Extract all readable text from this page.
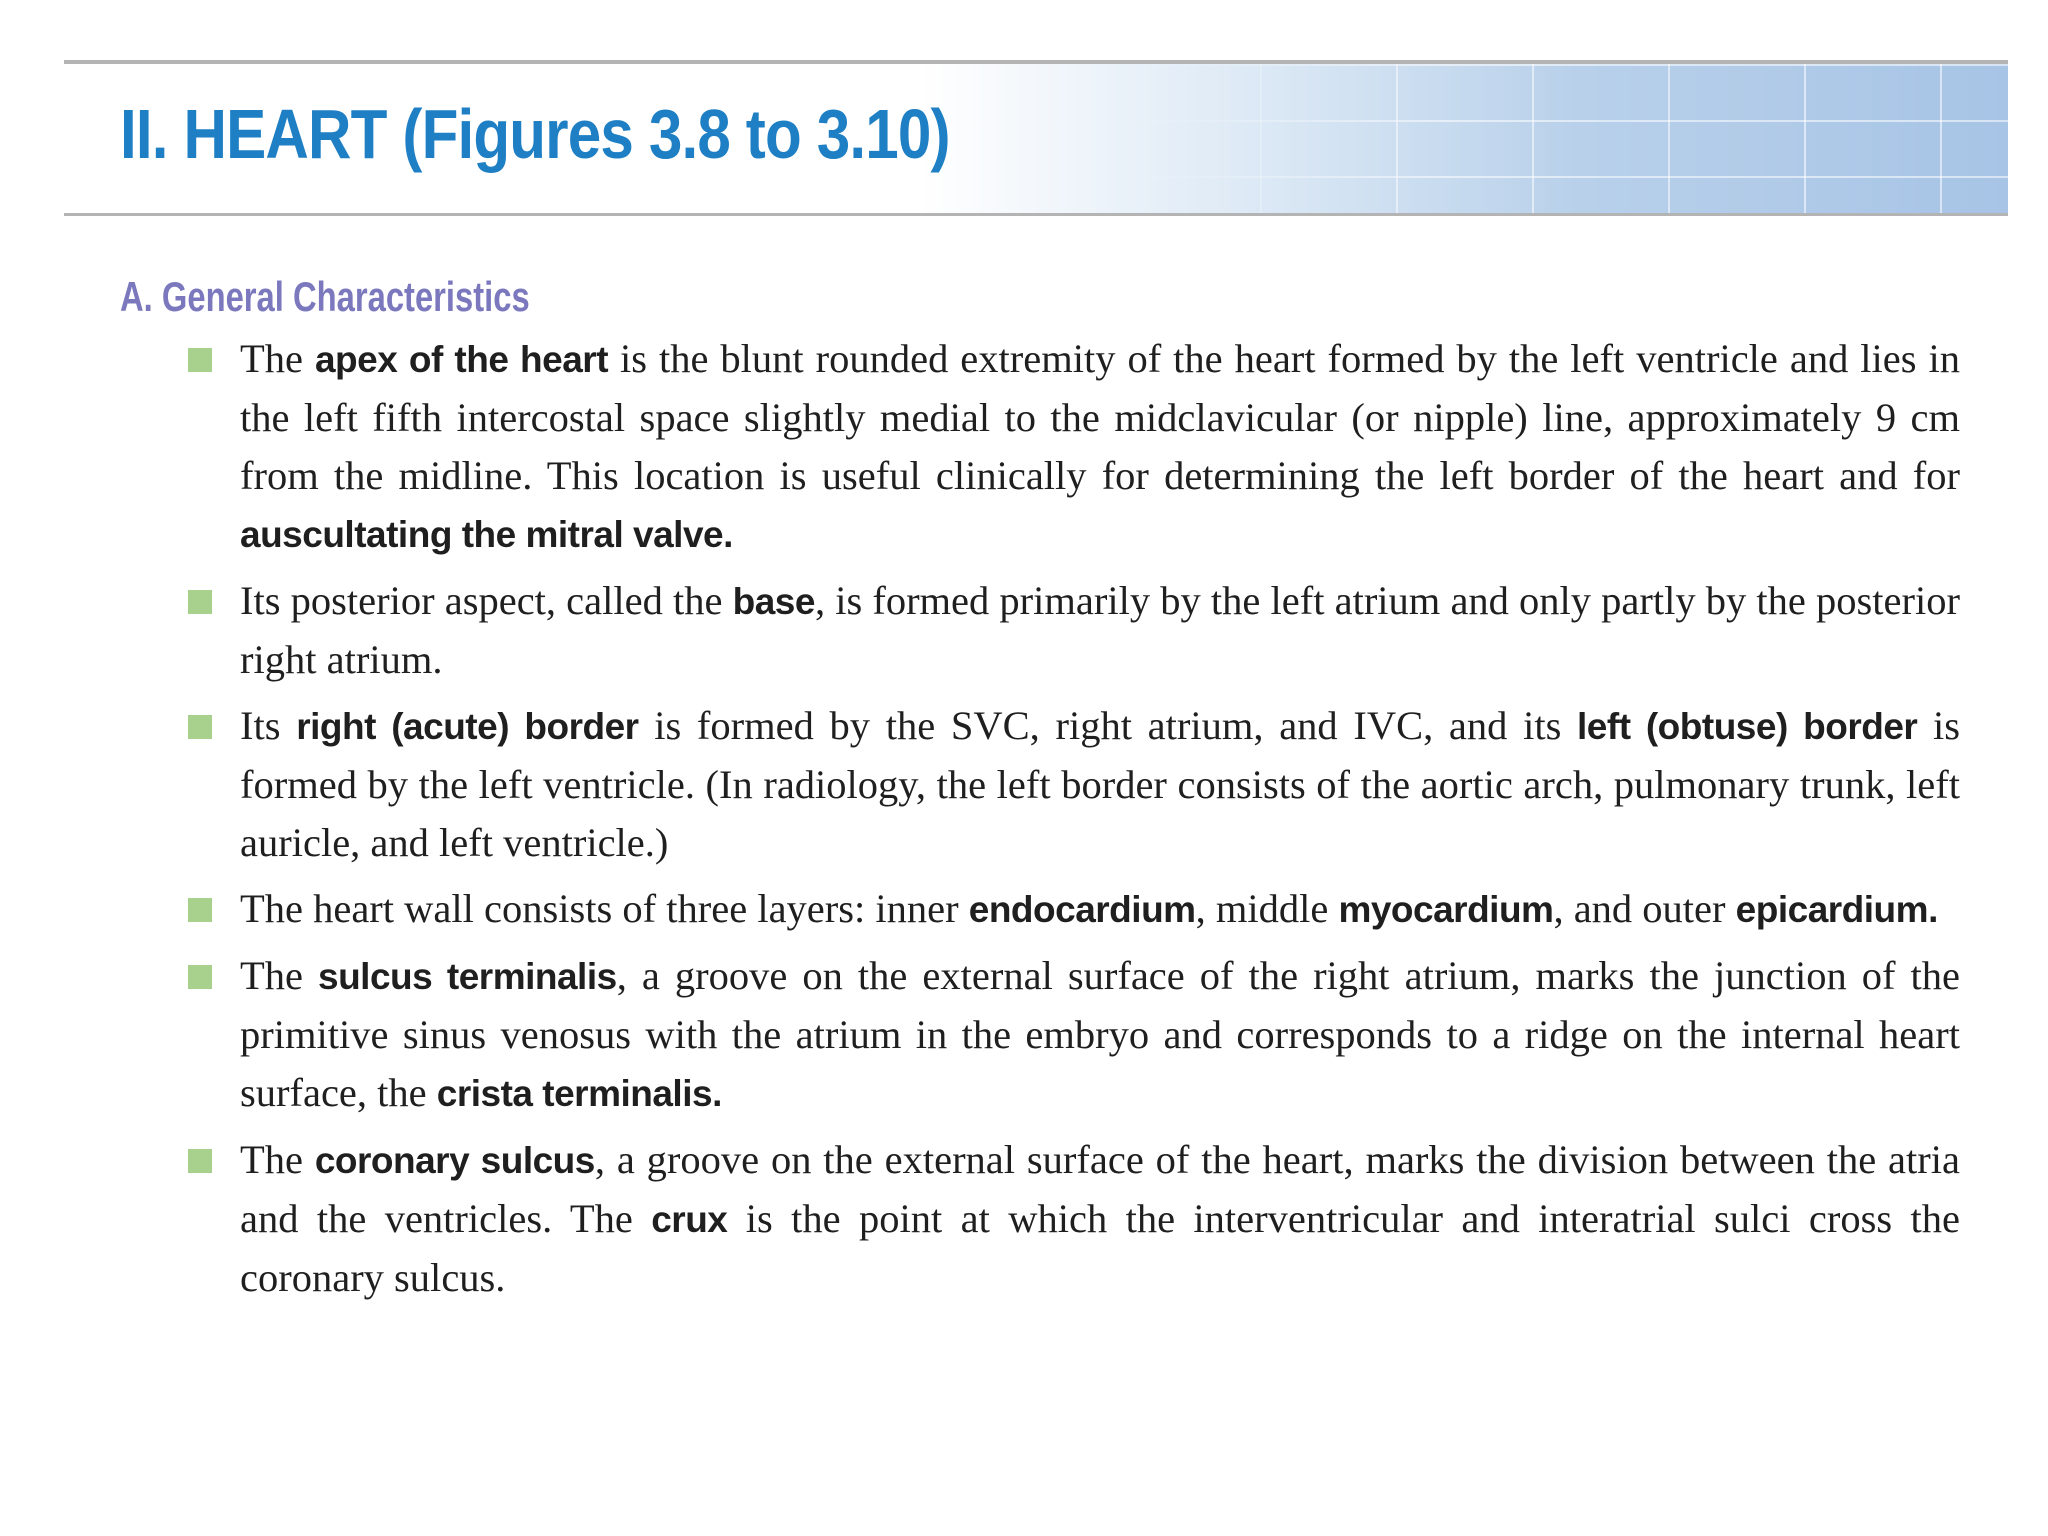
II. HEART (Figures 3.8 to 3.10)
A. General Characteristics
The apex of the heart is the blunt rounded extremity of the heart formed by the left ventricle and lies in the left fifth intercostal space slightly medial to the midclavicular (or nipple) line, approximately 9 cm from the midline. This location is useful clinically for determining the left border of the heart and for auscultating the mitral valve.
Its posterior aspect, called the base, is formed primarily by the left atrium and only partly by the posterior right atrium.
Its right (acute) border is formed by the SVC, right atrium, and IVC, and its left (obtuse) border is formed by the left ventricle. (In radiology, the left border consists of the aortic arch, pulmonary trunk, left auricle, and left ventricle.)
The heart wall consists of three layers: inner endocardium, middle myocardium, and outer epicardium.
The sulcus terminalis, a groove on the external surface of the right atrium, marks the junction of the primitive sinus venosus with the atrium in the embryo and corresponds to a ridge on the internal heart surface, the crista terminalis.
The coronary sulcus, a groove on the external surface of the heart, marks the division between the atria and the ventricles. The crux is the point at which the interventricular and interatrial sulci cross the coronary sulcus.
